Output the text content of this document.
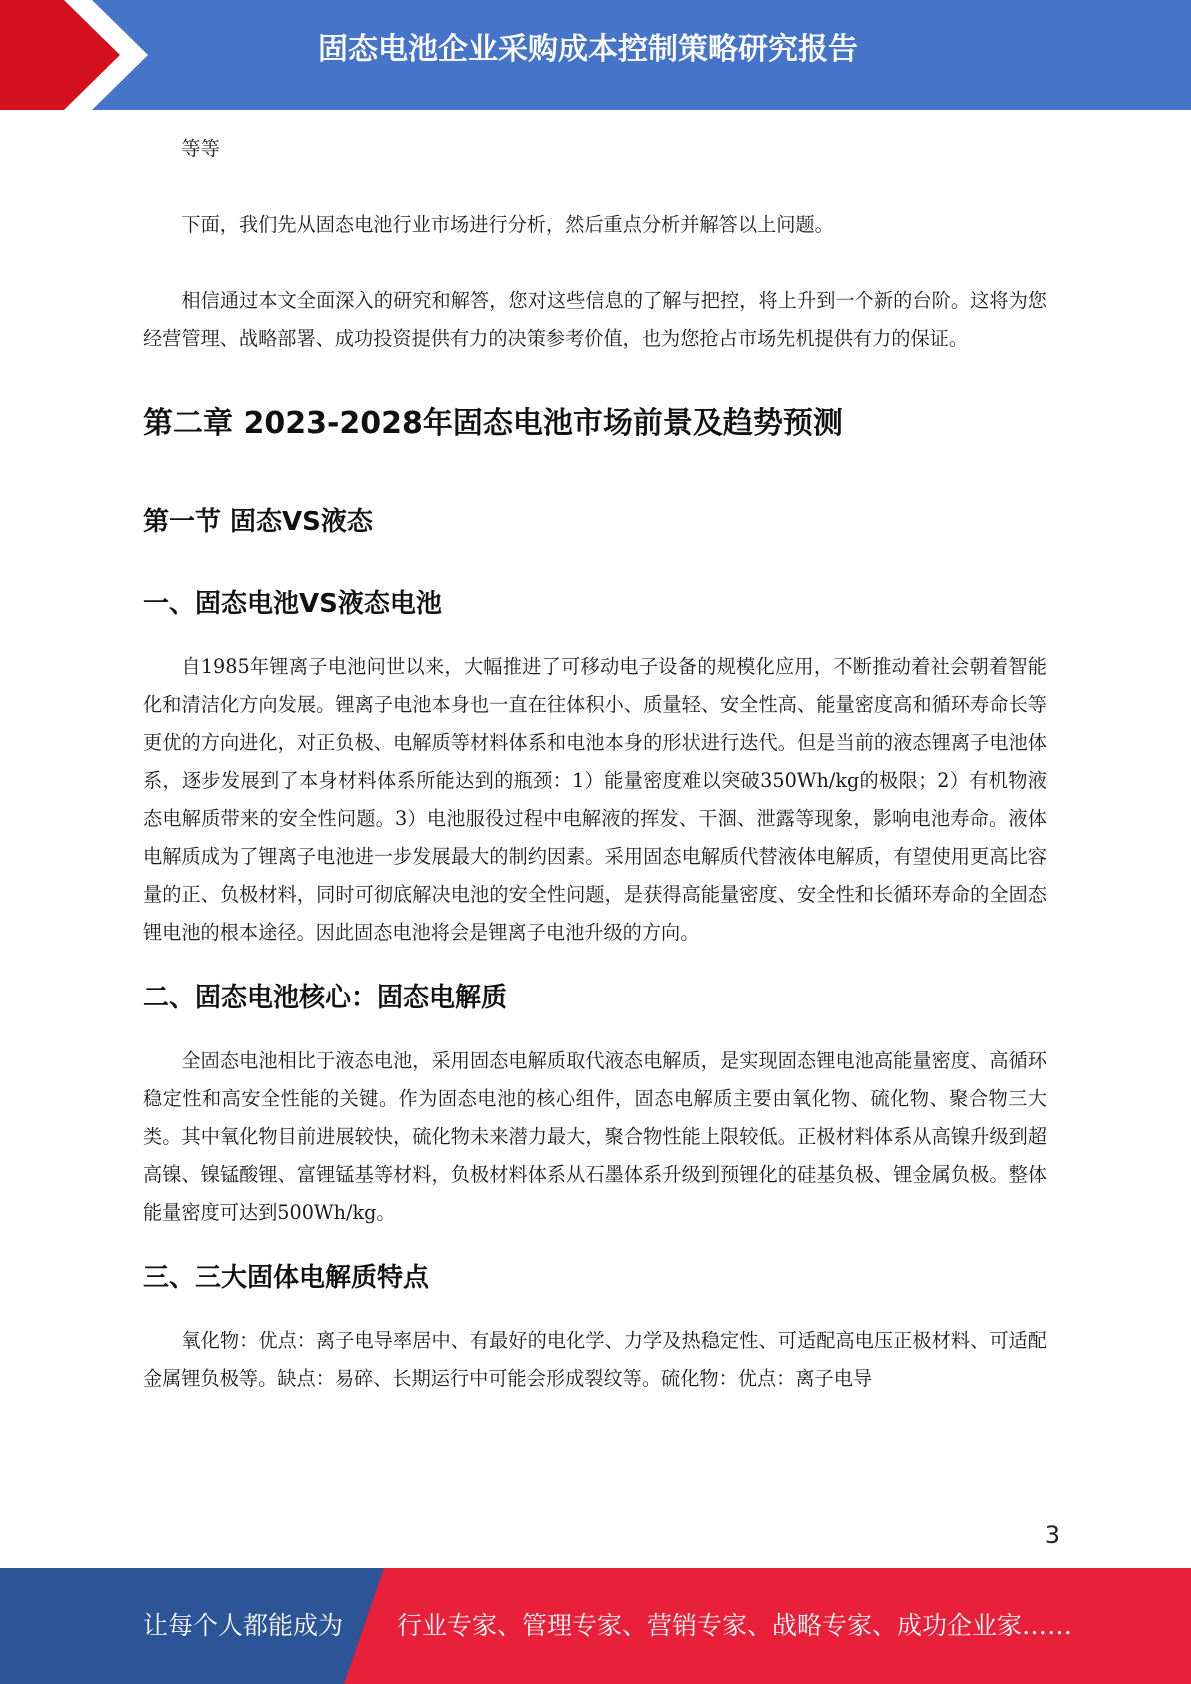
固态电池企业采购成本控制策略研究报告

等等

下面，我们先从固态电池行业市场进行分析，然后重点分析并解答以上问题。

相信通过本文全面深入的研究和解答，您对这些信息的了解与把控，将上升到一个新的台阶。这将为您经营管理、战略部署、成功投资提供有力的决策参考价值，也为您抢占市场先机提供有力的保证。

第二章 2023-2028年固态电池市场前景及趋势预测
第一节 固态VS液态
一、固态电池VS液态电池

自1985年锂离子电池问世以来，大幅推进了可移动电子设备的规模化应用，不断推动着社会朝着智能化和清洁化方向发展。锂离子电池本身也一直在往体积小、质量轻、安全性高、能量密度高和循环寿命长等更优的方向进化，对正负极、电解质等材料体系和电池本身的形状进行迭代。但是当前的液态锂离子电池体系，逐步发展到了本身材料体系所能达到的瓶颈：1）能量密度难以突破350Wh/kg的极限；2）有机物液态电解质带来的安全性问题。3）电池服役过程中电解液的挥发、干涸、泄露等现象，影响电池寿命。液体电解质成为了锂离子电池进一步发展最大的制约因素。采用固态电解质代替液体电解质，有望使用更高比容量的正、负极材料，同时可彻底解决电池的安全性问题，是获得高能量密度、安全性和长循环寿命的全固态锂电池的根本途径。因此固态电池将会是锂离子电池升级的方向。

二、固态电池核心：固态电解质

全固态电池相比于液态电池，采用固态电解质取代液态电解质，是实现固态锂电池高能量密度、高循环稳定性和高安全性能的关键。作为固态电池的核心组件，固态电解质主要由氧化物、硫化物、聚合物三大类。其中氧化物目前进展较快，硫化物未来潜力最大，聚合物性能上限较低。正极材料体系从高镍升级到超高镍、镍锰酸锂、富锂锰基等材料，负极材料体系从石墨体系升级到预锂化的硅基负极、锂金属负极。整体能量密度可达到500Wh/kg。

三、三大固体电解质特点

氧化物：优点：离子电导率居中、有最好的电化学、力学及热稳定性、可适配高电压正极材料、可适配金属锂负极等。缺点：易碎、长期运行中可能会形成裂纹等。硫化物：优点：离子电导

3
让每个人都能成为 行业专家、管理专家、营销专家、战略专家、成功企业家……
